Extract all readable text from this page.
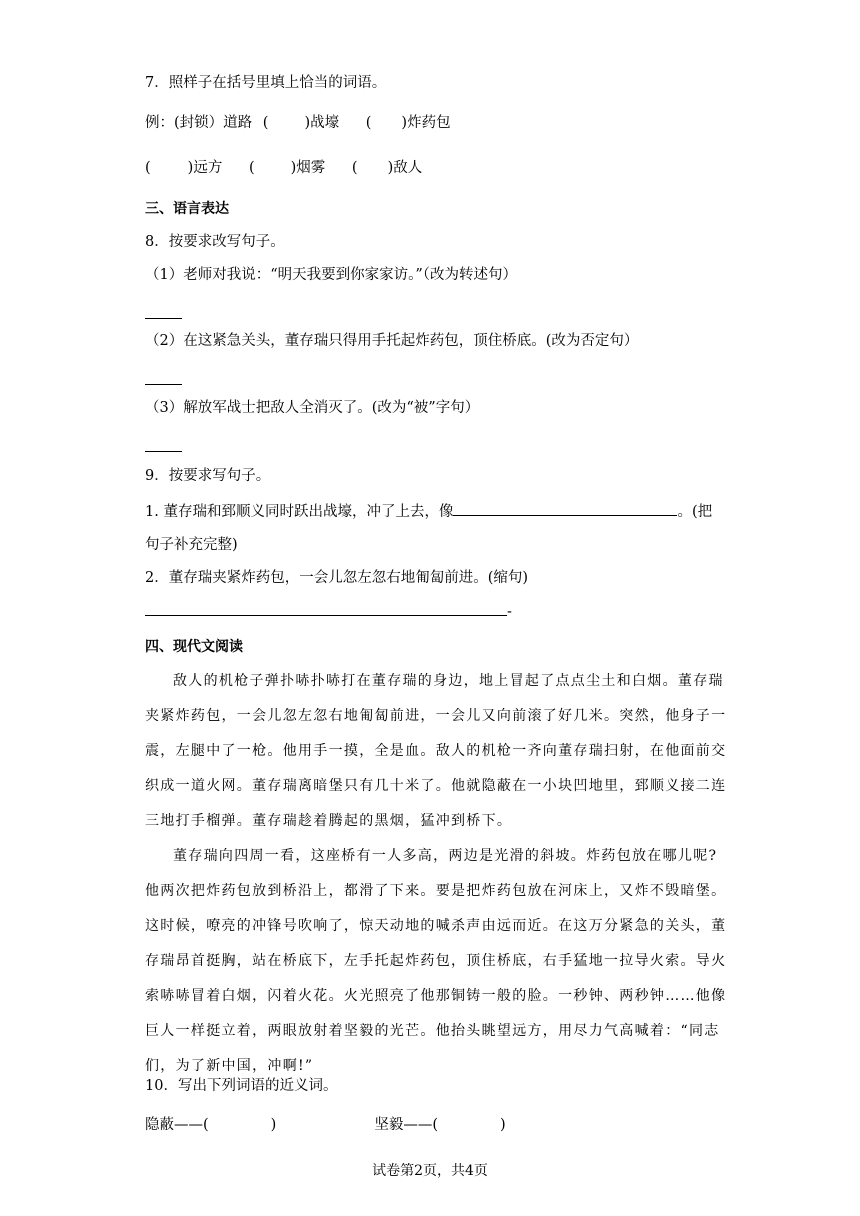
7．照样子在括号里填上恰当的词语。
例：(封锁）道路 ( )战壕 ( )炸药包
(	)远方 ( )烟雾 ( )敌人
三、语言表达
8．按要求改写句子。
（1）老师对我说：“明天我要到你家家访。”（改为转述句）
（2）在这紧急关头，董存瑞只得用手托起炸药包，顶住桥底。(改为否定句）
（3）解放军战士把敌人全消灭了。(改为“被”字句）
9．按要求写句子。
1. 董存瑞和郅顺义同时跃出战壕，冲了上去，像	。(把
句子补充完整)
2．董存瑞夹紧炸药包，一会儿忽左忽右地匍匐前进。(缩句)
-
四、现代文阅读
敌人的机枪子弹扑哧扑哧打在董存瑞的身边，地上冒起了点点尘土和白烟。董存瑞
夹紧炸药包，一会儿忽左忽右地匍匐前进，一会儿又向前滚了好几米。突然，他身子一
震，左腿中了一枪。他用手一摸，全是血。敌人的机枪一齐向董存瑞扫射，在他面前交
织成一道火网。董存瑞离暗堡只有几十米了。他就隐蔽在一小块凹地里，郅顺义接二连
三地打手榴弹。董存瑞趁着腾起的黑烟，猛冲到桥下。
董存瑞向四周一看，这座桥有一人多高，两边是光滑的斜坡。炸药包放在哪儿呢?
他两次把炸药包放到桥沿上，都滑了下来。要是把炸药包放在河床上，又炸不毁暗堡。
这时候，嘹亮的冲锋号吹响了，惊天动地的喊杀声由远而近。在这万分紧急的关头，董
存瑞昂首挺胸，站在桥底下，左手托起炸药包，顶住桥底，右手猛地一拉导火索。导火
索哧哧冒着白烟，闪着火花。火光照亮了他那铜铸一般的脸。一秒钟、两秒钟……他像
巨人一样挺立着，两眼放射着坚毅的光芒。他抬头眺望远方，用尽力气高喊着：“同志
们，为了新中国，冲啊!”
10．写出下列词语的近义词。
隐蔽——(	)	坚毅——(	)
试卷第2页，共4页
